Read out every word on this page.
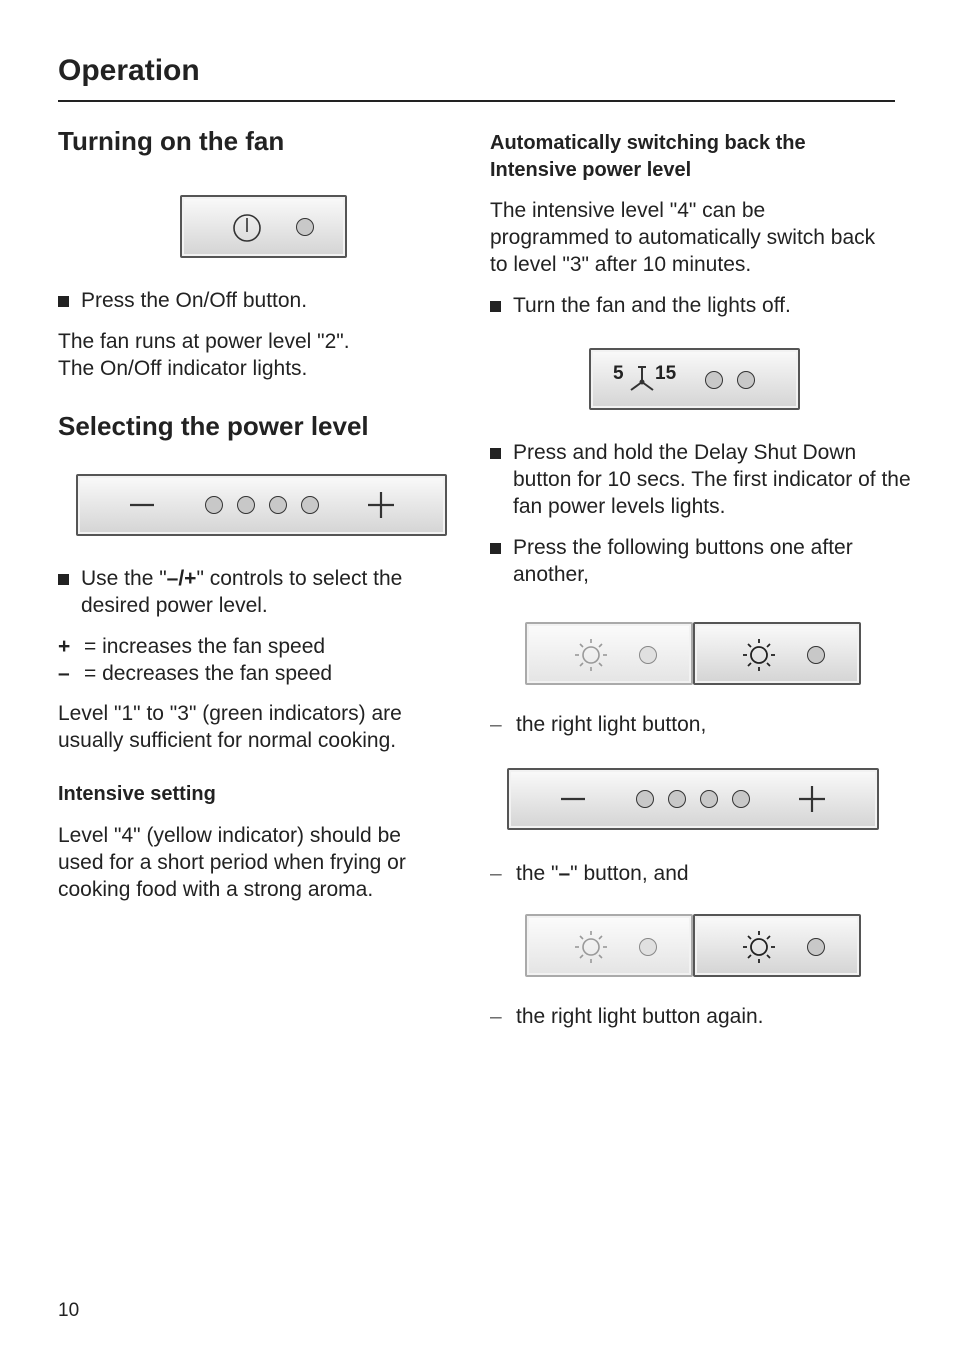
Operation
Turning on the fan
Press the On/Off button.

The fan runs at power level "2".

The On/Off indicator lights.

Selecting the power level
Use the "–/+" controls to select the desired power level.
+ = increases the fan speed
– = decreases the fan speed

Level "1" to "3" (green indicators) are usually sufficient for normal cooking.

Intensive setting

Level "4" (yellow indicator) should be used for a short period when frying or cooking food with a strong aroma.

Automatically switching back the Intensive power level

The intensive level "4" can be programmed to automatically switch back to level "3" after 10 minutes.

Turn the fan and the lights off.
5 15
Press and hold the Delay Shut Down button for 10 secs. The first indicator of the fan power levels lights.
Press the following buttons one after another,
– the right light button,
– the "–" button, and
– the right light button again.
10
